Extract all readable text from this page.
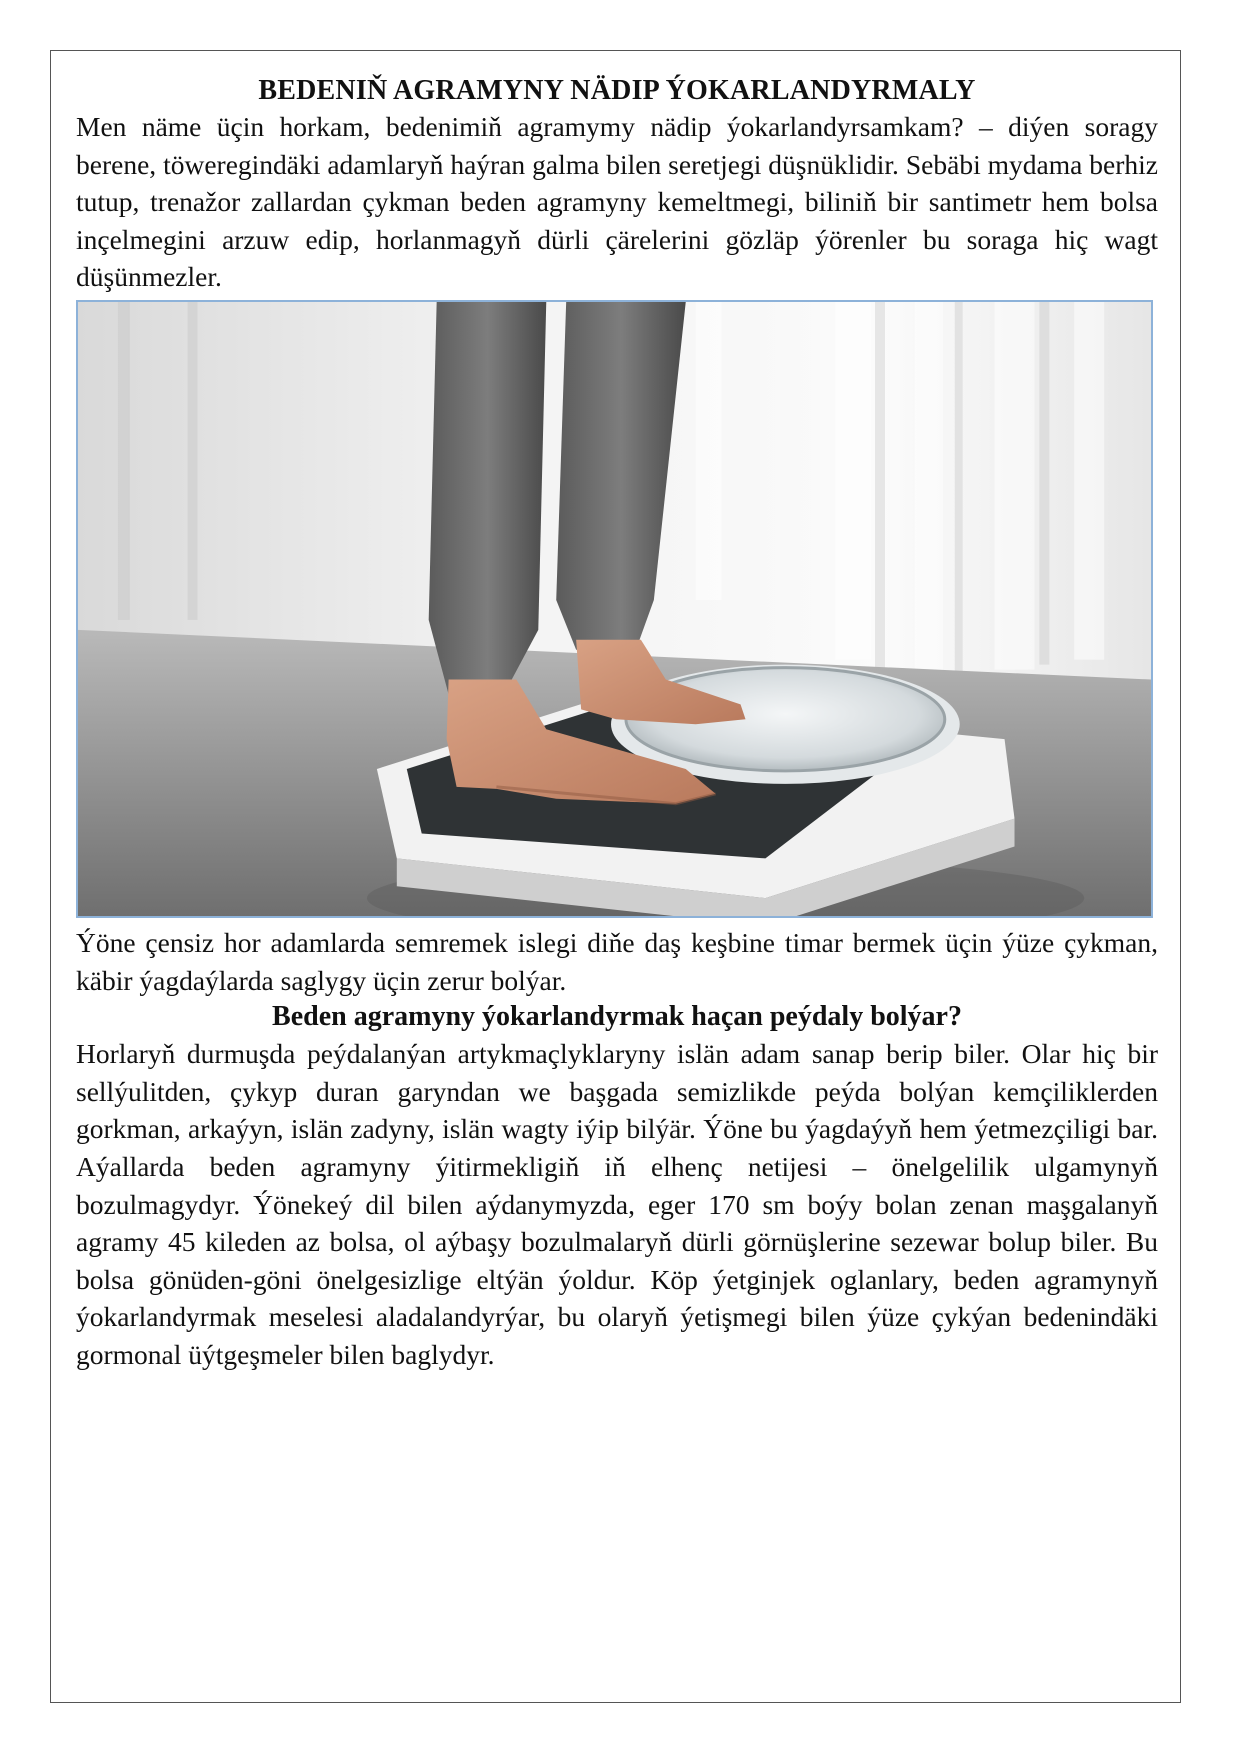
BEDENIŇ AGRAMYNY NÄDIP ÝOKARLANDYRMALY

Men näme üçin horkam, bedenimiň agramymy nädip ýokarlandyrsamkam? – diýen soragy berene, töweregindäki adamlaryň haýran galma bilen seretjegi düşnüklidir. Sebäbi mydama berhiz tutup, trenažor zallardan çykman beden agramyny kemeltmegi, biliniň bir santimetr hem bolsa inçelmegini arzuw edip, horlanmagyň dürli çärelerini gözläp ýörenler bu soraga hiç wagt düşünmezler.

Ýöne çensiz hor adamlarda semremek islegi diňe daş keşbine timar bermek üçin ýüze çykman, käbir ýagdaýlarda saglygy üçin zerur bolýar.

Beden agramyny ýokarlandyrmak haçan peýdaly bolýar?

Horlaryň durmuşda peýdalanýan artykmaçlyklaryny islän adam sanap berip biler. Olar hiç bir sellýulitden, çykyp duran garyndan we başgada semizlikde peýda bolýan kemçiliklerden gorkman, arkaýyn, islän zadyny, islän wagty iýip bilýär. Ýöne bu ýagdaýyň hem ýetmezçiligi bar. Aýallarda beden agramyny ýitirmekligiň iň elhenç netijesi – önelgelilik ulgamynyň bozulmagydyr. Ýönekeý dil bilen aýdanymyzda, eger 170 sm boýy bolan zenan maşgalanyň agramy 45 kileden az bolsa, ol aýbaşy bozulmalaryň dürli görnüşlerine sezewar bolup biler. Bu bolsa gönüden-göni önelgesizlige eltýän ýoldur. Köp ýetginjek oglanlary, beden agramynyň ýokarlandyrmak meselesi aladalandyrýar, bu olaryň ýetişmegi bilen ýüze çykýan bedenindäki gormonal üýtgeşmeler bilen baglydyr.
